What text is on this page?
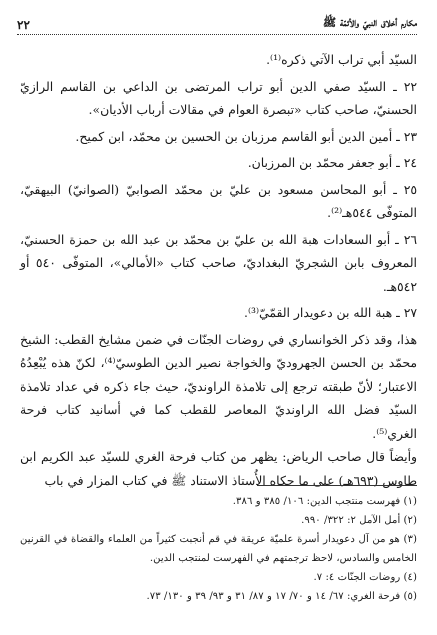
مكارم أخلاق النبيّ والأئمّة ﷺ
٢٢

السيّد أبي تراب الآتي ذكره⁽¹⁾.

٢٢ ـ السيّد صفي الدين أبو تراب المرتضى بن الداعي بن القاسم الرازيّ الحسنيّ، صاحب كتاب «تبصرة العوام في مقالات أرباب الأديان».

٢٣ ـ أمين الدين أبو القاسم مرزبان بن الحسين بن محمّد، ابن كميح.

٢٤ ـ أبو جعفر محمّد بن المرزبان.

٢٥ ـ أبو المحاسن مسعود بن عليّ بن محمّد الصوابيّ (الصوانيّ) البيهقيّ، المتوفّى ٥٤٤هـ⁽²⁾.

٢٦ ـ أبو السعادات هبة الله بن عليّ بن محمّد بن عبد الله بن حمزة الحسنيّ، المعروف بابن الشجريّ البغداديّ، صاحب كتاب «الأمالي»، المتوفّى ٥٤٠ أو ٥٤٢هـ.

٢٧ ـ هبة الله بن دعويدار القمّيّ⁽³⁾.

هذا، وقد ذكر الخوانساري في روضات الجنّات في ضمن مشايخ القطب: الشيخ محمّد بن الحسن الجهروديّ والخواجة نصير الدين الطوسيّ⁽⁴⁾، لكنّ هذه يُبْعِدُهُ الاعتبار؛ لأنّ طبقته ترجع إلى تلامذة الراونديّ، حيث جاء ذكره في عداد تلامذة السيّد فضل الله الراونديّ المعاصر للقطب كما في أسانيد كتاب فرحة الغري⁽⁵⁾.

وأيضاً قال صاحب الرياض: يظهر من كتاب فرحة الغري للسيّد عبد الكريم ابن طاوس (٦٩٣هـ) على ما حكاه الأُستاذ الاستناد ﷺ في كتاب المزار في باب

(١) فهرست منتجب الدين: ١٠٦/ ٣٨٥ و ٣٨٦.

(٢) أمل الآمل ٢: ٣٢٢/ ٩٩٠.

(٣) هو من آل دعويدار أسرة علميّة عريقة في قم أنجبت كثيراً من العلماء والقضاة في القرنين الخامس والسادس، لاحظ ترجمتهم في الفهرست لمنتجب الدين.

(٤) روضات الجنّات ٤: ٧.

(٥) فرحة الغري: ٦٧/ ١٤ و ٧٠/ ١٧ و ٨٧/ ٣١ و ٩٣/ ٣٩ و ١٣٠/ ٧٣.
